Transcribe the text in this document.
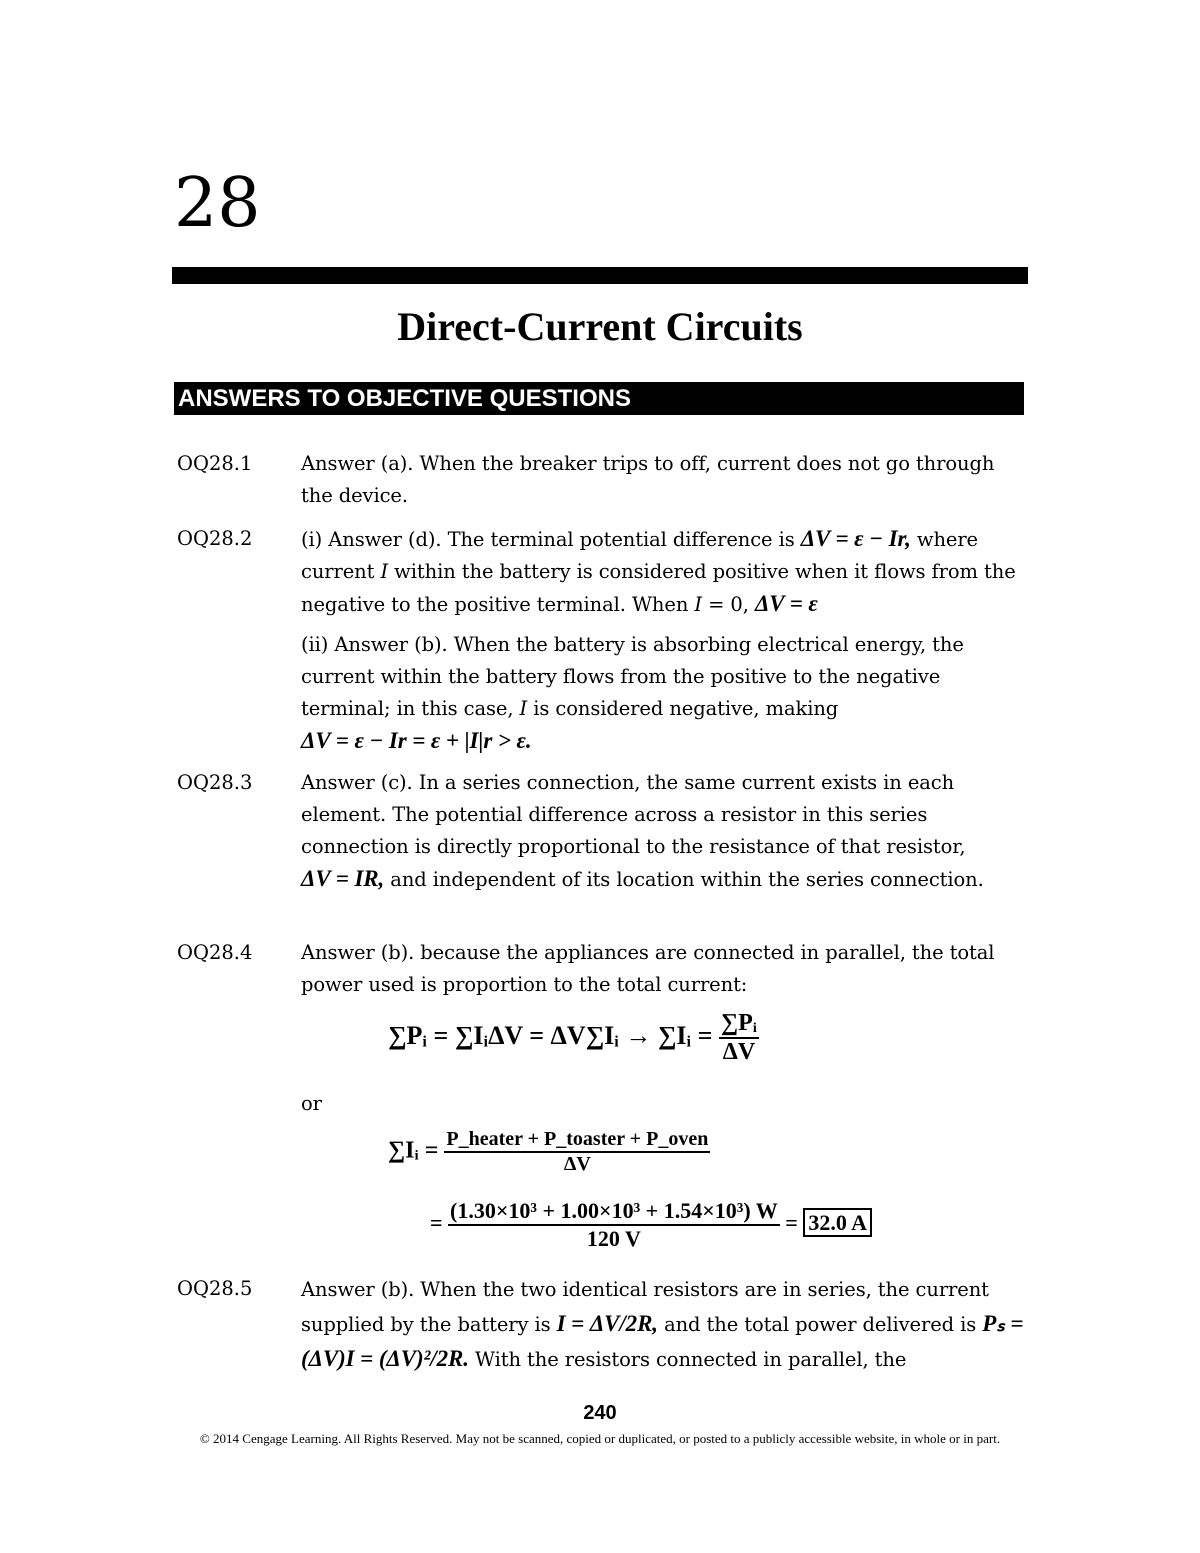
28
Direct-Current Circuits
ANSWERS TO OBJECTIVE QUESTIONS
OQ28.1 Answer (a). When the breaker trips to off, current does not go through the device.
OQ28.2 (i) Answer (d). The terminal potential difference is ΔV = ε − Ir, where current I within the battery is considered positive when it flows from the negative to the positive terminal. When I = 0, ΔV = ε
(ii) Answer (b). When the battery is absorbing electrical energy, the current within the battery flows from the positive to the negative terminal; in this case, I is considered negative, making
ΔV = ε − Ir = ε + |I|r > ε.
OQ28.3 Answer (c). In a series connection, the same current exists in each element. The potential difference across a resistor in this series connection is directly proportional to the resistance of that resistor,
ΔV = IR, and independent of its location within the series connection.
OQ28.4 Answer (b). because the appliances are connected in parallel, the total power used is proportion to the total current:
∑Pᵢ = ∑IᵢΔV = ΔV∑Iᵢ → ∑Iᵢ = $\frac{\text{∑Pᵢ}}{\Delta V}$
or
∑Iᵢ = $\frac{\text{P\_heater + P\_toaster + P\_oven}}{\Delta V}$
= $\frac{\text{(1.30×10³ + 1.00×10³ + 1.54×10³) W}}{120 V} = 32.0$ A
OQ28.5 Answer (b). When the two identical resistors are in series, the current supplied by the battery is I = ΔV/2R, and the total power delivered is Pₛ = (ΔV)I = (ΔV)²/2R. With the resistors connected in parallel, the
240
© 2014 Cengage Learning. All Rights Reserved. May not be scanned, copied or duplicated, or posted to a publicly accessible website, in whole or in part.
